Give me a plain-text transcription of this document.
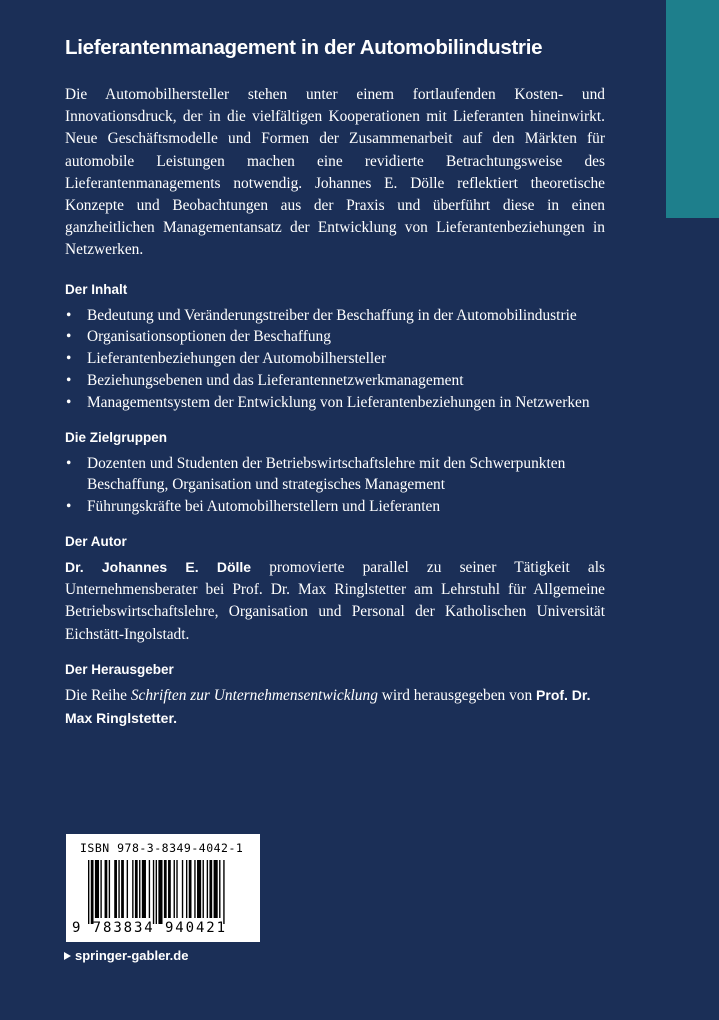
Lieferantenmanagement in der Automobilindustrie

Die Automobilhersteller stehen unter einem fortlaufenden Kosten- und Innovationsdruck, der in die vielfältigen Kooperationen mit Lieferanten hineinwirkt. Neue Geschäftsmodelle und Formen der Zusammenarbeit auf den Märkten für automobile Leistungen machen eine revidierte Betrachtungsweise des Lieferantenmanagements notwendig. Johannes E. Dölle reflektiert theoretische Konzepte und Beobachtungen aus der Praxis und überführt diese in einen ganzheitlichen Managementansatz der Entwicklung von Lieferantenbeziehungen in Netzwerken.

Der Inhalt
• Bedeutung und Veränderungstreiber der Beschaffung in der Automobilindustrie
• Organisationsoptionen der Beschaffung
• Lieferantenbeziehungen der Automobilhersteller
• Beziehungsebenen und das Lieferantennetzwerkmanagement
• Managementsystem der Entwicklung von Lieferantenbeziehungen in Netzwerken
Die Zielgruppen
• Dozenten und Studenten der Betriebswirtschaftslehre mit den Schwerpunkten Beschaffung, Organisation und strategisches Management
• Führungskräfte bei Automobilherstellern und Lieferanten
Der Autor

Dr. Johannes E. Dölle promovierte parallel zu seiner Tätigkeit als Unternehmensberater bei Prof. Dr. Max Ringlstetter am Lehrstuhl für Allgemeine Betriebswirtschaftslehre, Organisation und Personal der Katholischen Universität Eichstätt-Ingolstadt.

Der Herausgeber

Die Reihe Schriften zur Unternehmensentwicklung wird herausgegeben von Prof. Dr. Max Ringlstetter.

ISBN 978-3-8349-4042-1
9 783834 940421
springer-gabler.de
